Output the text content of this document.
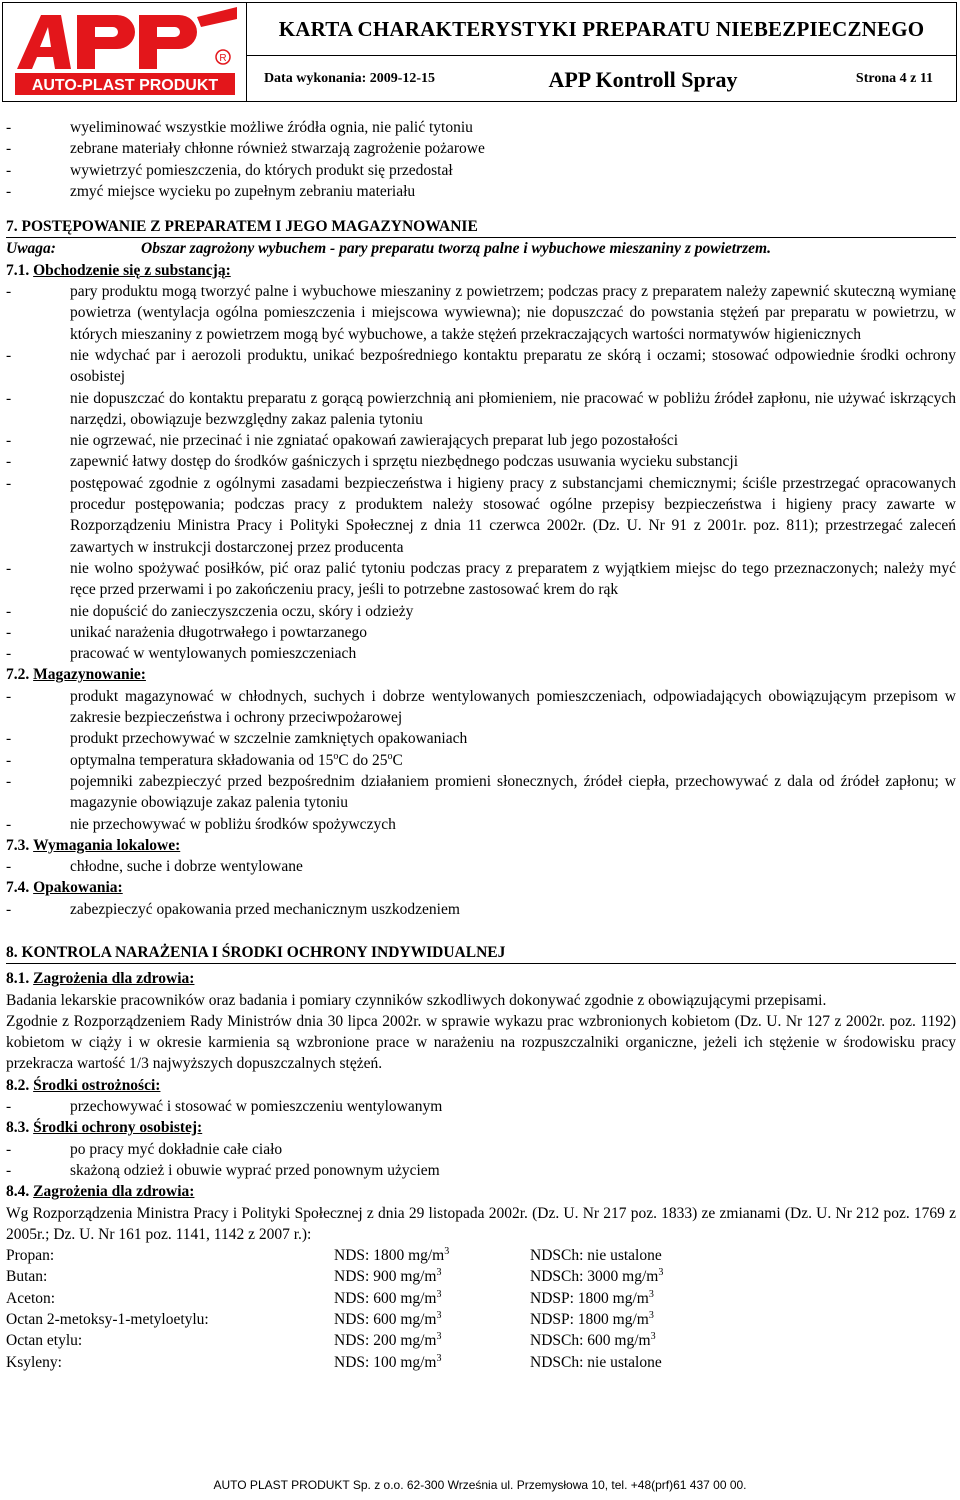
AUTO-PLAST PRODUKT
R
KARTA CHARAKTERYSTYKI PREPARATU NIEBEZPIECZNEGO
Data wykonania: 2009-12-15	APP Kontroll Spray	Strona 4 z 11
- wyeliminować wszystkie możliwe źródła ognia, nie palić tytoniu
- zebrane materiały chłonne również stwarzają zagrożenie pożarowe
- wywietrzyć pomieszczenia, do których produkt się przedostał
- zmyć miejsce wycieku po zupełnym zebraniu materiału
7. POSTĘPOWANIE Z PREPARATEM I JEGO MAGAZYNOWANIE
Uwaga:	Obszar zagrożony wybuchem - pary preparatu tworzą palne i wybuchowe mieszaniny z powietrzem.
7.1. Obchodzenie się z substancją:
- pary produktu mogą tworzyć palne i wybuchowe mieszaniny z powietrzem; podczas pracy z preparatem należy zapewnić skuteczną wymianę powietrza (wentylacja ogólna pomieszczenia i miejscowa wywiewna); nie dopuszczać do powstania stężeń par preparatu w powietrzu, w których mieszaniny z powietrzem mogą być wybuchowe, a także stężeń przekraczających wartości normatywów higienicznych
- nie wdychać par i aerozoli produktu, unikać bezpośredniego kontaktu preparatu ze skórą i oczami; stosować odpowiednie środki ochrony osobistej
- nie dopuszczać do kontaktu preparatu z gorącą powierzchnią ani płomieniem, nie pracować w pobliżu źródeł zapłonu, nie używać iskrzących narzędzi, obowiązuje bezwzględny zakaz palenia tytoniu
- nie ogrzewać, nie przecinać i nie zgniatać opakowań zawierających preparat lub jego pozostałości
- zapewnić łatwy dostęp do środków gaśniczych i sprzętu niezbędnego podczas usuwania wycieku substancji
- postępować zgodnie z ogólnymi zasadami bezpieczeństwa i higieny pracy z substancjami chemicznymi; ściśle przestrzegać opracowanych procedur postępowania; podczas pracy z produktem należy stosować ogólne przepisy bezpieczeństwa i higieny pracy zawarte w Rozporządzeniu Ministra Pracy i Polityki Społecznej z dnia 11 czerwca 2002r. (Dz. U. Nr 91 z 2001r. poz. 811); przestrzegać zaleceń zawartych w instrukcji dostarczonej przez producenta
- nie wolno spożywać posiłków, pić oraz palić tytoniu podczas pracy z preparatem z wyjątkiem miejsc do tego przeznaczonych; należy myć ręce przed przerwami i po zakończeniu pracy, jeśli to potrzebne zastosować krem do rąk
- nie dopuścić do zanieczyszczenia oczu, skóry i odzieży
- unikać narażenia długotrwałego i powtarzanego
- pracować w wentylowanych pomieszczeniach
7.2. Magazynowanie:
- produkt magazynować w chłodnych, suchych i dobrze wentylowanych pomieszczeniach, odpowiadających obowiązującym przepisom w zakresie bezpieczeństwa i ochrony przeciwpożarowej
- produkt przechowywać w szczelnie zamkniętych opakowaniach
- optymalna temperatura składowania od 15$^o$C do 25$^o$C
- pojemniki zabezpieczyć przed bezpośrednim działaniem promieni słonecznych, źródeł ciepła, przechowywać z dala od źródeł zapłonu; w magazynie obowiązuje zakaz palenia tytoniu
- nie przechowywać w pobliżu środków spożywczych
7.3. Wymagania lokalowe:
- chłodne, suche i dobrze wentylowane
7.4. Opakowania:
- zabezpieczyć opakowania przed mechanicznym uszkodzeniem
8. KONTROLA NARAŻENIA I ŚRODKI OCHRONY INDYWIDUALNEJ
8.1. Zagrożenia dla zdrowia:
Badania lekarskie pracowników oraz badania i pomiary czynników szkodliwych dokonywać zgodnie z obowiązującymi przepisami.
Zgodnie z Rozporządzeniem Rady Ministrów dnia 30 lipca 2002r. w sprawie wykazu prac wzbronionych kobietom (Dz. U. Nr 127 z 2002r. poz. 1192) kobietom w ciąży i w okresie karmienia są wzbronione prace w narażeniu na rozpuszczalniki organiczne, jeżeli ich stężenie w środowisku pracy przekracza wartość 1/3 najwyższych dopuszczalnych stężeń.
8.2. Środki ostrożności:
- przechowywać i stosować w pomieszczeniu wentylowanym
8.3. Środki ochrony osobistej:
- po pracy myć dokładnie całe ciało
- skażoną odzież i obuwie wyprać przed ponownym użyciem
8.4. Zagrożenia dla zdrowia:
Wg Rozporządzenia Ministra Pracy i Polityki Społecznej z dnia 29 listopada 2002r. (Dz. U. Nr 217 poz. 1833) ze zmianami (Dz. U. Nr 212 poz. 1769 z 2005r.; Dz. U. Nr 161 poz. 1141, 1142 z 2007 r.):
Propan:	NDS: 1800 $mg/m^3$	NDSCh: nie ustalone
Butan:	NDS: 900 $mg/m^3$	NDSCh: 3000 $mg/m^3$
Aceton:	NDS: 600 $mg/m^3$	NDSP: 1800 $mg/m^3$
Octan 2-metoksy-1-metyloetylu:	NDS: 600 $mg/m^3$	NDSP: 1800 $mg/m^3$
Octan etylu:	NDS: 200 $mg/m^3$	NDSCh: 600 $mg/m^3$
Ksyleny:	NDS: 100 $mg/m^3$	NDSCh: nie ustalone
AUTO PLAST PRODUKT Sp. z o.o. 62-300 Września ul. Przemysłowa 10, tel. +48(prf)61 437 00 00.
